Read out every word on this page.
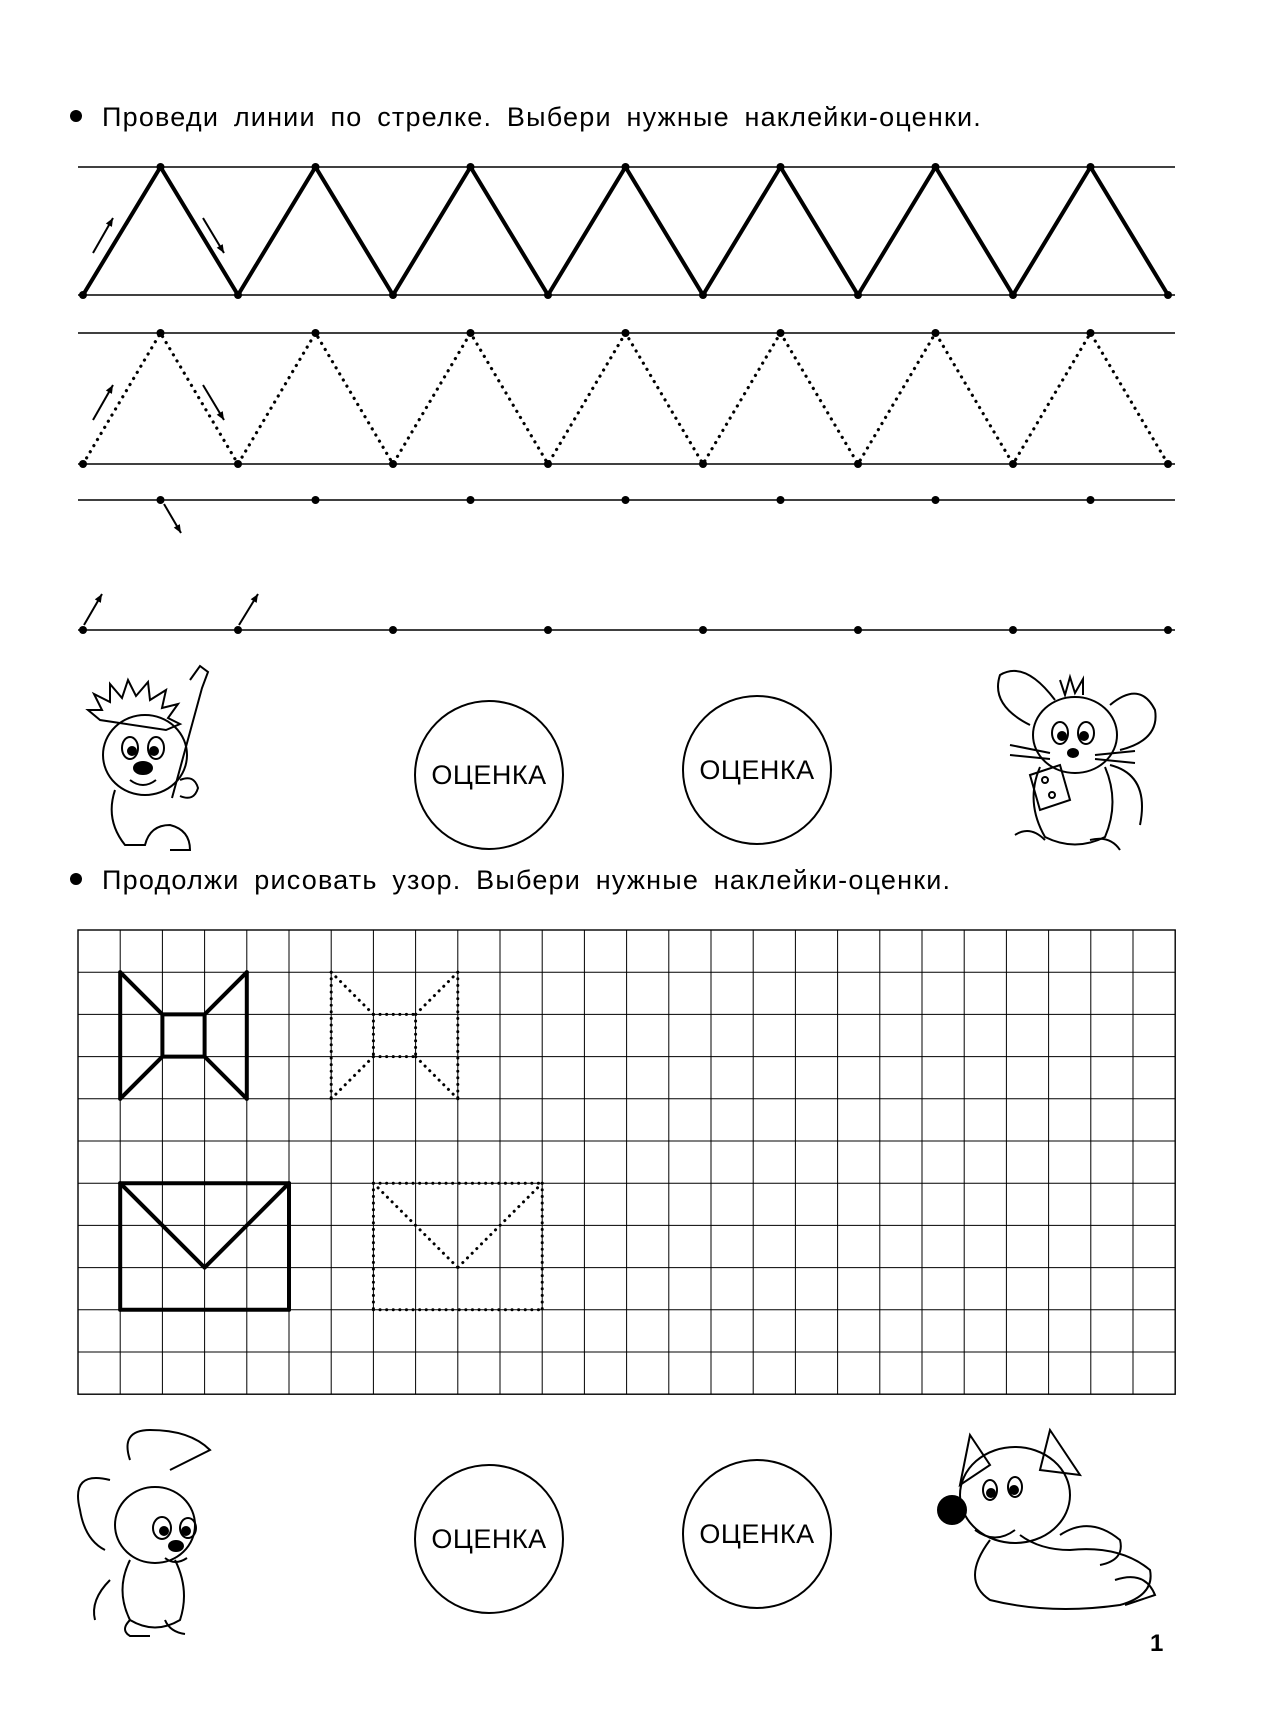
Проведи линии по стрелке. Выбери нужные наклейки-оценки.
Продолжи рисовать узор. Выбери нужные наклейки-оценки.
ОЦЕНКА	ОЦЕНКА
ОЦЕНКА	ОЦЕНКА
1
